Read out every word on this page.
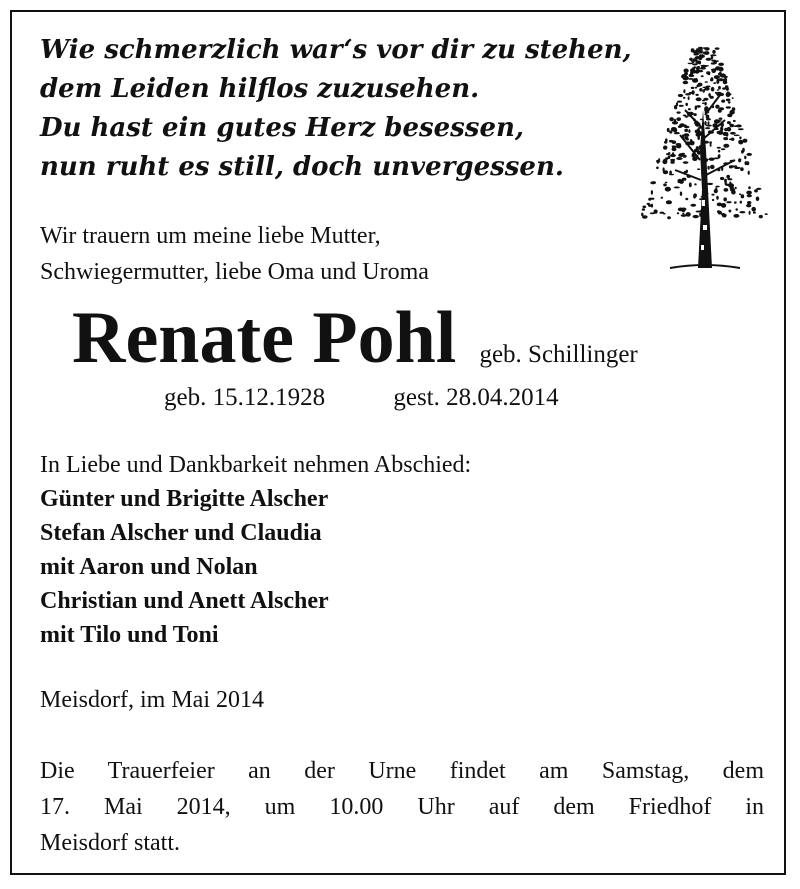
Wie schmerzlich war‘s vor dir zu stehen,
dem Leiden hilflos zuzusehen.
Du hast ein gutes Herz besessen,
nun ruht es still, doch unvergessen.
Wir trauern um meine liebe Mutter,
Schwiegermutter, liebe Oma und Uroma
Renate Pohl geb. Schillinger
geb. 15.12.1928	gest. 28.04.2014
In Liebe und Dankbarkeit nehmen Abschied:
Günter und Brigitte Alscher
Stefan Alscher und Claudia
mit Aaron und Nolan
Christian und Anett Alscher
mit Tilo und Toni
Meisdorf, im Mai 2014
Die Trauerfeier an der Urne findet am Samstag, dem
17. Mai 2014, um 10.00 Uhr auf dem Friedhof in
Meisdorf statt.
